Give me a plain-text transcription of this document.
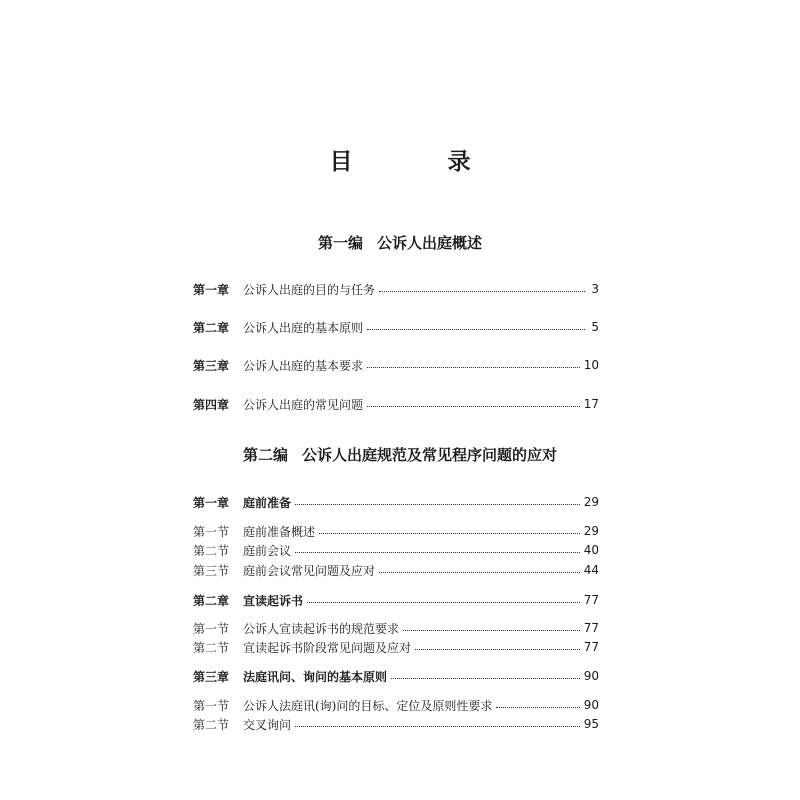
目　录
第一编 公诉人出庭概述
第一章 公诉人出庭的目的与任务	3
第二章 公诉人出庭的基本原则	5
第三章 公诉人出庭的基本要求	10
第四章 公诉人出庭的常见问题	17
第二编 公诉人出庭规范及常见程序问题的应对
第一章 庭前准备	29
第一节 庭前准备概述	29
第二节 庭前会议	40
第三节 庭前会议常见问题及应对	44
第二章 宣读起诉书	77
第一节 公诉人宣读起诉书的规范要求	77
第二节 宣读起诉书阶段常见问题及应对	77
第三章 法庭讯问、询问的基本原则	90
第一节 公诉人法庭讯(询)问的目标、定位及原则性要求	90
第二节 交叉询问	95
